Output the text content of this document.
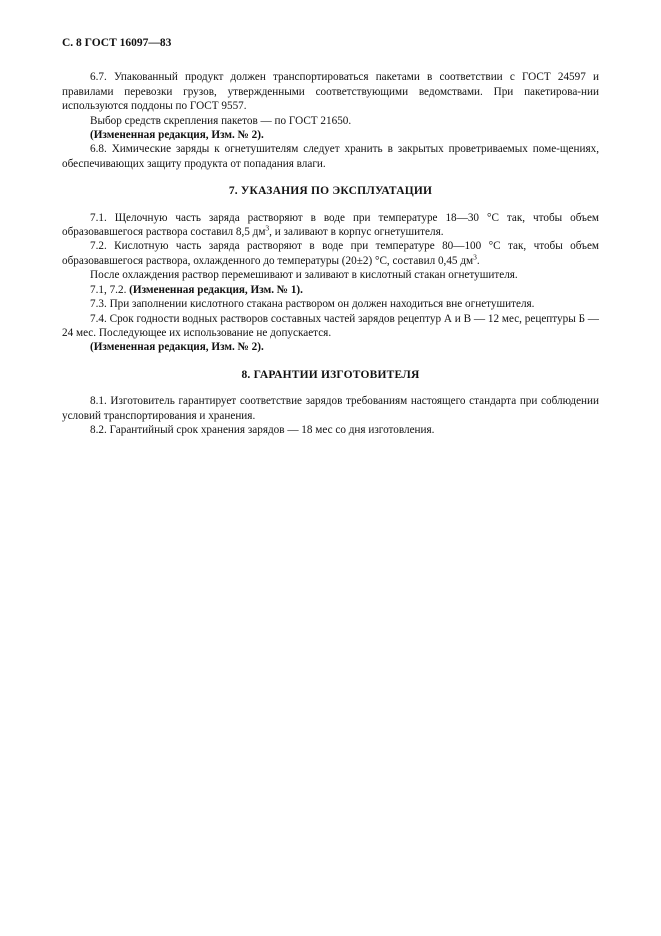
С. 8 ГОСТ 16097—83

6.7. Упакованный продукт должен транспортироваться пакетами в соответствии с ГОСТ 24597 и правилами перевозки грузов, утвержденными соответствующими ведомствами. При пакетирова-нии используются поддоны по ГОСТ 9557.

Выбор средств скрепления пакетов — по ГОСТ 21650.

(Измененная редакция, Изм. № 2).

6.8. Химические заряды к огнетушителям следует хранить в закрытых проветриваемых поме-щениях, обеспечивающих защиту продукта от попадания влаги.

7. УКАЗАНИЯ ПО ЭКСПЛУАТАЦИИ

7.1. Щелочную часть заряда растворяют в воде при температуре 18—30 °С так, чтобы объем образовавшегося раствора составил 8,5 $дм^3$, и заливают в корпус огнетушителя.

7.2. Кислотную часть заряда растворяют в воде при температуре 80—100 °С так, чтобы объем образовавшегося раствора, охлажденного до температуры (20±2) °С, составил 0,45 $дм^3$.

После охлаждения раствор перемешивают и заливают в кислотный стакан огнетушителя.

7.1, 7.2. (Измененная редакция, Изм. № 1).

7.3. При заполнении кислотного стакана раствором он должен находиться вне огнетушителя.

7.4. Срок годности водных растворов составных частей зарядов рецептур А и В — 12 мес, рецептуры Б — 24 мес. Последующее их использование не допускается.

(Измененная редакция, Изм. № 2).

8. ГАРАНТИИ ИЗГОТОВИТЕЛЯ

8.1. Изготовитель гарантирует соответствие зарядов требованиям настоящего стандарта при соблюдении условий транспортирования и хранения.

8.2. Гарантийный срок хранения зарядов — 18 мес со дня изготовления.
